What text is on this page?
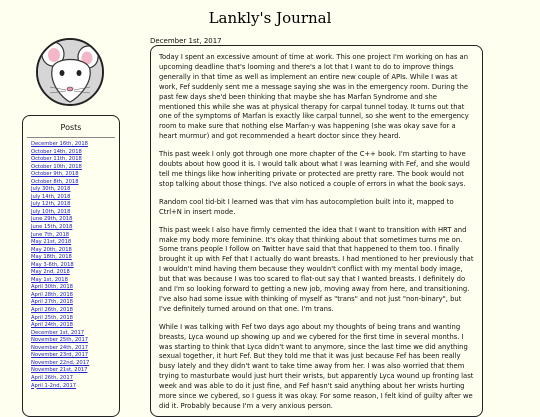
Lankly's Journal
Posts
December 16th, 2018
October 14th, 2018
October 11th, 2018
October 10th, 2018
October 9th, 2018
October 8th, 2018
July 30th, 2018
July 14th, 2018
July 12th, 2018
July 10th, 2018
June 29th, 2018
June 15th, 2018
June 7th, 2018
May 21st, 2018
May 20th, 2018
May 18th, 2018
May 3-6th, 2018
May 2nd, 2018
May 1st, 2018
April 30th, 2018
April 28th, 2018
April 27th, 2018
April 26th, 2018
April 25th, 2018
April 24th, 2018
December 1st, 2017
November 25th, 2017
November 24th, 2017
November 23rd, 2017
November 22nd, 2017
November 21st, 2017
April 26th, 2017
April 1-2nd, 2017
December 1st, 2017

Today I spent an excessive amount of time at work. This one project I'm working on has an upcoming deadline that's looming and there's a lot that I want to do to improve things generally in that time as well as implement an entire new couple of APIs. While I was at work, Fef suddenly sent me a message saying she was in the emergency room. During the past few days she'd been thinking that maybe she has Marfan Syndrome and she mentioned this while she was at physical therapy for carpal tunnel today. It turns out that one of the symptoms of Marfan is exactly like carpal tunnel, so she went to the emergency room to make sure that nothing else Marfan-y was happening (she was okay save for a heart murmur) and got recommended a heart doctor since they heard.

This past week I only got through one more chapter of the C++ book. I'm starting to have doubts about how good it is. I would talk about what I was learning with Fef, and she would tell me things like how inheriting private or protected are pretty rare. The book would not stop talking about those things. I've also noticed a couple of errors in what the book says.

Random cool tid-bit I learned was that vim has autocompletion built into it, mapped to Ctrl+N in insert mode.

This past week I also have firmly cemented the idea that I want to transition with HRT and make my body more feminine. It's okay that thinking about that sometimes turns me on. Some trans people I follow on Twitter have said that that happened to them too. I finally brought it up with Fef that I actually do want breasts. I had mentioned to her previously that I wouldn't mind having them because they wouldn't conflict with my mental body image, but that was because I was too scared to flat-out say that I wanted breasts. I definitely do and I'm so looking forward to getting a new job, moving away from here, and transitioning. I've also had some issue with thinking of myself as "trans" and not just "non-binary", but I've definitely turned around on that one. I'm trans.

While I was talking with Fef two days ago about my thoughts of being trans and wanting breasts, Lyca wound up showing up and we cybered for the first time in several months. I was starting to think that Lyca didn't want to anymore, since the last time we did anything sexual together, it hurt Fef. But they told me that it was just because Fef has been really busy lately and they didn't want to take time away from her. I was also worried that them trying to masturbate would just hurt their wrists, but apparently Lyca wound up fronting last week and was able to do it just fine, and Fef hasn't said anything about her wrists hurting more since we cybered, so I guess it was okay. For some reason, I felt kind of guilty after we did it. Probably because I'm a very anxious person.
